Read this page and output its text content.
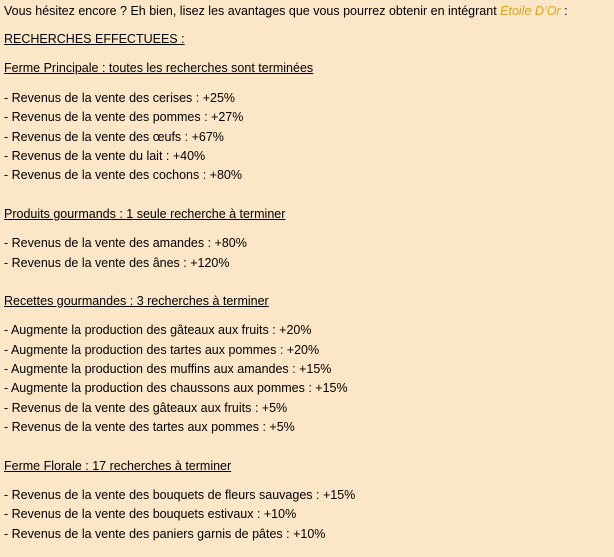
Vous hésitez encore ? Eh bien, lisez les avantages que vous pourrez obtenir en intégrant Etoile D’Or :
RECHERCHES EFFECTUEES :
Ferme Principale : toutes les recherches sont terminées
- Revenus de la vente des cerises : +25%
- Revenus de la vente des pommes : +27%
- Revenus de la vente des œufs : +67%
- Revenus de la vente du lait : +40%
- Revenus de la vente des cochons : +80%
Produits gourmands : 1 seule recherche à terminer
- Revenus de la vente des amandes : +80%
- Revenus de la vente des ânes : +120%
Recettes gourmandes : 3 recherches à terminer
- Augmente la production des gâteaux aux fruits : +20%
- Augmente la production des tartes aux pommes : +20%
- Augmente la production des muffins aux amandes : +15%
- Augmente la production des chaussons aux pommes : +15%
- Revenus de la vente des gâteaux aux fruits : +5%
- Revenus de la vente des tartes aux pommes : +5%
Ferme Florale : 17 recherches à terminer
- Revenus de la vente des bouquets de fleurs sauvages : +15%
- Revenus de la vente des bouquets estivaux : +10%
- Revenus de la vente des paniers garnis de pâtes : +10%
